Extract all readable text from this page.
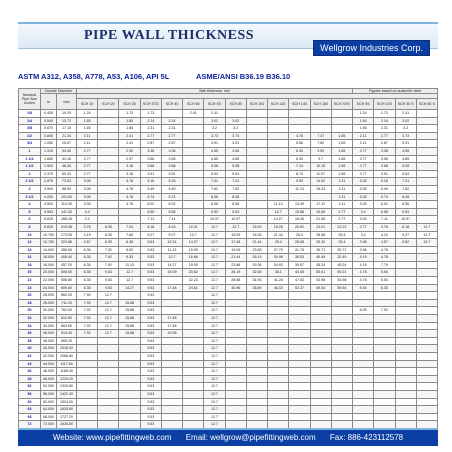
PIPE WALL THICKNESS
Wellgrow Industries Corp.
ASTM A312, A358, A778, A53, A106, API 5L	ASME/ANSI B36.19 B36.10
Nominal Pipe Size Inches	Outside Diameter		Wall thickness: mm													Figures based on austenitic steel			
	in	mm																	
			SCH 10	SCH 20	SCH 30	SCH STD	SCH 40	SCH 60	SCH XS	SCH 80	SCH 100	SCH 120	SCH 140	SCH 160	SCH XXS	SCH 5S	SCH 10S	SCH 40 S	SCH 80 S
1/8	0.405	10.29	1.24		1.73	1.73		2.41	2.41							1.24	1.73	2.41	
1/4	0.540	13.72	1.65		1.85	2.24	2.24		3.02	3.02						1.65	2.24	3.02	
3/8	0.675	17.15	1.65		1.85	2.31	2.31		3.2	3.2						1.65	2.31	3.2	
1/2	0.840	21.34	2.11		2.41	2.77	2.77		3.73	3.73			4.78	7.47	1.65	2.11	2.77	3.73	
3/4	1.050	26.67	2.11		2.41	2.87	2.87		3.91	3.91			5.56	7.82	1.65	2.11	2.87	3.91	
1	1.315	33.40	2.77		2.90	3.38	3.38		4.55	4.55			6.35	9.09	1.65	2.77	3.38	4.55	
1 1/4	1.660	42.16	2.77		2.97	3.56	3.56		4.85	4.85			6.35	9.7	1.65	2.77	3.56	4.85	
1 1/2	1.900	48.26	2.77		3.18	3.68	3.68		5.08	5.08			7.14	10.15	1.65	2.77	3.68	5.08	
2	2.375	60.33	2.77		3.18	3.91	3.91		5.54	5.54			8.74	11.07	1.65	2.77	3.91	5.54	
2 1/2	2.875	73.03	3.05		4.78	5.16	5.16		7.01	7.01			9.53	14.02	2.11	3.05	5.16	7.01	
3	3.500	88.90	3.05		4.78	5.49	5.49		7.62	7.62			11.13	15.24	2.11	3.05	5.49	7.62	
3 1/2	4.000	101.60	3.05		4.78	5.74	5.74		8.08	8.08					2.11	3.05	5.74	8.08	
4	4.500	114.30	3.05		4.78	6.02	6.02		8.56	8.56		11.13	13.49	17.12	2.11	3.05	6.02	8.56	
5	5.563	141.30	3.4			6.55	6.55		9.53	9.53		12.7	15.88	19.05	2.77	3.4	6.55	9.53	
6	6.625	168.28	3.4			7.11	7.11		10.97	10.97		14.27	18.26	21.95	2.77	3.40	7.11	10.97	
8	8.625	219.08	3.76	6.35	7.04	8.18	8.18	10.31	12.7	12.7	15.09	18.26	20.62	23.01	22.23	2.77	3.76	8.18	12.7
10	10.750	273.05	4.19	6.35	7.80	9.27	9.27	12.7	12.7	15.09	18.26	21.44	25.4	28.58	25.4	3.4	4.19	9.27	12.7
12	12.750	323.85	4.57	6.35	8.38	9.53	10.31	14.27	12.7	17.48	21.44	25.4	28.58	33.32	25.4	3.96	4.57	9.52	12.7
14	14.000	355.60	6.35	7.92	9.52	9.53	11.13	15.09	12.7	19.05	23.83	27.79	31.75	35.71	30.71	3.96	4.78		
16	16.000	406.40	6.35	7.92	9.53	9.53	12.7	16.66	12.7	21.44	26.19	30.96	36.53	40.49	32.49	4.19	4.78		
18	18.000	457.20	6.35	7.92	11.13	9.53	14.27	19.05	12.7	23.88	29.36	34.93	39.67	45.24	45.24	4.19	7.79		
20	20.000	508.00	6.35	9.53	12.7	9.53	15.09	20.62	12.7	26.19	32.54	38.1	44.45	50.01	50.01	4.78	5.54		
22	22.000	558.80	6.35	9.53	12.7	9.53		22.23	12.7	28.58	34.93	41.28	47.63	53.98	53.98	4.78	5.54		
24	24.000	609.60	6.35	9.53	14.27	9.53	17.48	24.61	12.7	30.96	38.89	46.02	52.37	59.54	59.54	5.54	6.35		
26	26.000	660.00	7.92	12.7		9.53			12.7										
28	28.000	711.20	7.92	12.7	15.88	9.53			12.7										
30	30.000	762.00	7.92	12.7	15.88	9.53			12.7							6.35	7.92		
32	32.000	812.80	7.92	12.7	15.88	9.53	17.48		12.7										
34	34.000	863.60	7.92	12.7	15.88	9.53	17.48		12.7										
36	36.000	914.40	7.92	12.7	15.88	9.53	19.05		12.7										
38	38.000	965.20				9.53			12.7										
40	40.000	1016.00				9.53			12.7										
42	42.000	1066.80				9.53			12.7										
44	44.000	1117.60				9.53			12.7										
46	46.000	1168.40				9.53			12.7										
48	48.000	1219.20				9.53			12.7										
52	52.000	1320.80				9.53			12.7										
56	56.000	1422.40				9.53			12.7										
60	60.000	1524.00				9.53			12.7										
64	64.000	1625.60				9.53			12.7										
68	68.000	1727.20				9.53			12.7										
72	72.000	1828.80				9.53			12.7										
Website: www.pipefittingweb.com Email: wellgrow@pipefittingweb.com Fax: 886-423112578
